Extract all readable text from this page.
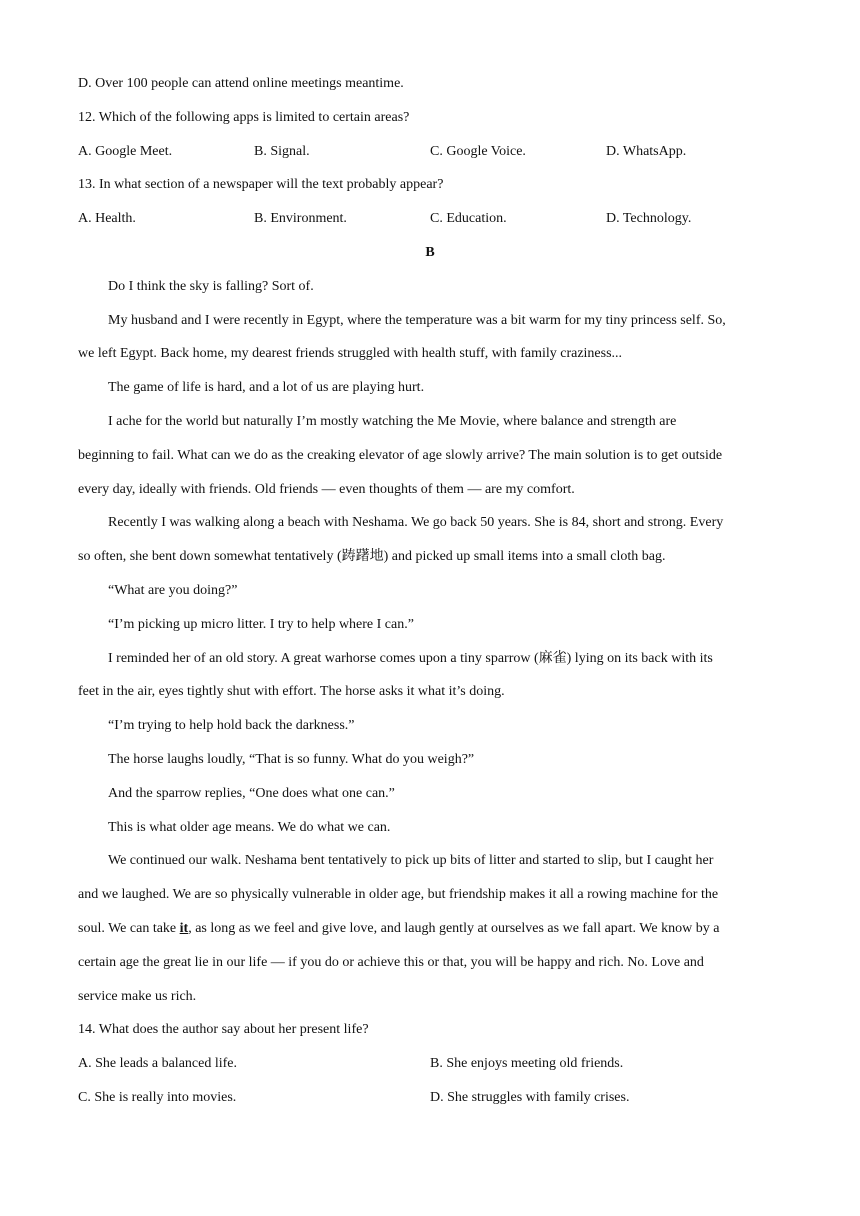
D. Over 100 people can attend online meetings meantime.
12. Which of the following apps is limited to certain areas?
A. Google Meet.	B. Signal.	C. Google Voice.	D. WhatsApp.
13. In what section of a newspaper will the text probably appear?
A. Health.	B. Environment.	C. Education.	D. Technology.
B
Do I think the sky is falling? Sort of.
My husband and I were recently in Egypt, where the temperature was a bit warm for my tiny princess self. So,
we left Egypt. Back home, my dearest friends struggled with health stuff, with family craziness...
The game of life is hard, and a lot of us are playing hurt.
I ache for the world but naturally I’m mostly watching the Me Movie, where balance and strength are
beginning to fail. What can we do as the creaking elevator of age slowly arrive? The main solution is to get outside
every day, ideally with friends. Old friends — even thoughts of them — are my comfort.
Recently I was walking along a beach with Neshama. We go back 50 years. She is 84, short and strong. Every
so often, she bent down somewhat tentatively (踌躇地) and picked up small items into a small cloth bag.
“What are you doing?”
“I’m picking up micro litter. I try to help where I can.”
I reminded her of an old story. A great warhorse comes upon a tiny sparrow (麻雀) lying on its back with its
feet in the air, eyes tightly shut with effort. The horse asks it what it’s doing.
“I’m trying to help hold back the darkness.”
The horse laughs loudly, “That is so funny. What do you weigh?”
And the sparrow replies, “One does what one can.”
This is what older age means. We do what we can.
We continued our walk. Neshama bent tentatively to pick up bits of litter and started to slip, but I caught her
and we laughed. We are so physically vulnerable in older age, but friendship makes it all a rowing machine for the
soul. We can take it, as long as we feel and give love, and laugh gently at ourselves as we fall apart. We know by a
certain age the great lie in our life — if you do or achieve this or that, you will be happy and rich. No. Love and
service make us rich.
14. What does the author say about her present life?
A. She leads a balanced life.	B. She enjoys meeting old friends.
C. She is really into movies.	D. She struggles with family crises.
